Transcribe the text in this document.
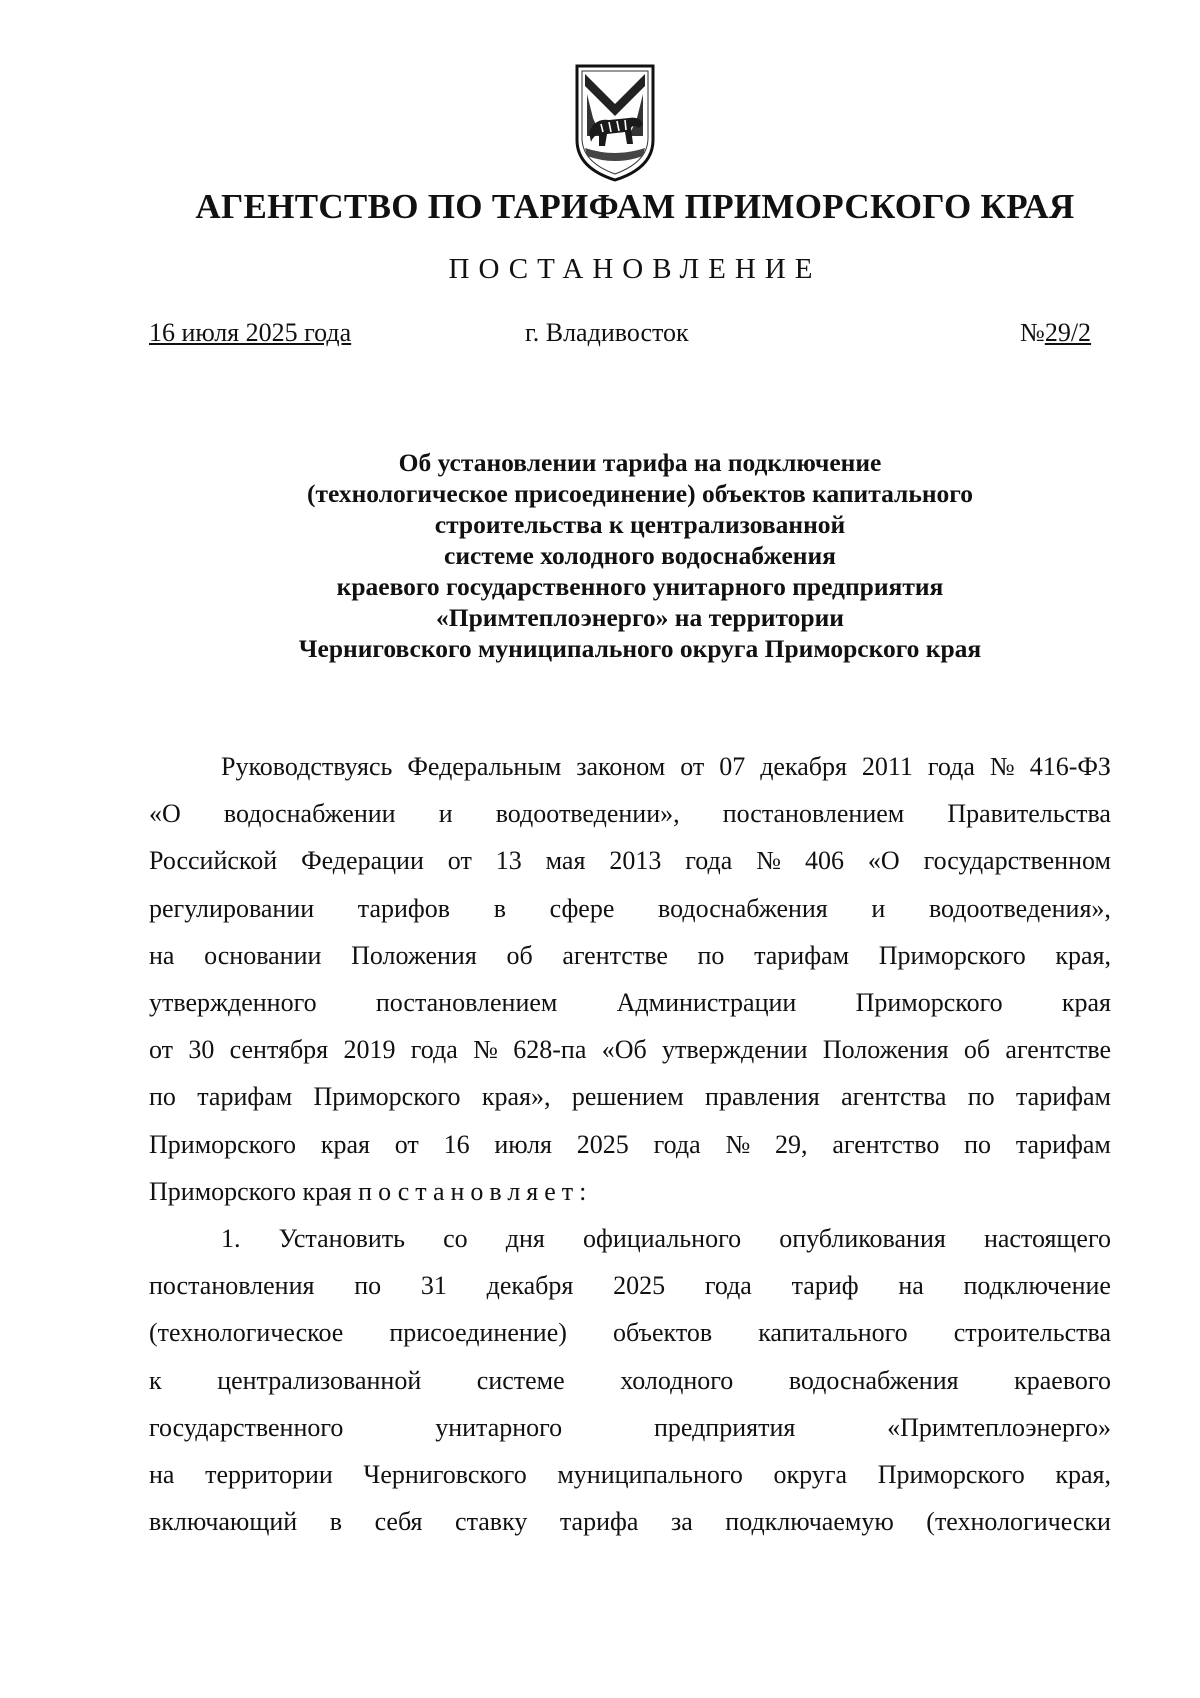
АГЕНТСТВО ПО ТАРИФАМ ПРИМОРСКОГО КРАЯ
ПОСТАНОВЛЕНИЕ
16 июля 2025 года	г. Владивосток	№29/2
Об установлении тарифа на подключение
(технологическое присоединение) объектов капитального
строительства к централизованной
системе холодного водоснабжения
краевого государственного унитарного предприятия
«Примтеплоэнерго» на территории
Черниговского муниципального округа Приморского края
Руководствуясь Федеральным законом от 07 декабря 2011 года № 416-ФЗ
«О водоснабжении и водоотведении», постановлением Правительства
Российской Федерации от 13 мая 2013 года № 406 «О государственном
регулировании тарифов в сфере водоснабжения и водоотведения»,
на основании Положения об агентстве по тарифам Приморского края,
утвержденного постановлением Администрации Приморского края
от 30 сентября 2019 года № 628-па «Об утверждении Положения об агентстве
по тарифам Приморского края», решением правления агентства по тарифам
Приморского края от 16 июля 2025 года № 29, агентство по тарифам
Приморского края
постановляет:
1. Установить со дня официального опубликования настоящего
постановления по 31 декабря 2025 года тариф на подключение
(технологическое присоединение) объектов капитального строительства
к централизованной системе холодного водоснабжения краевого
государственного	унитарного	предприятия	«Примтеплоэнерго»
на территории Черниговского муниципального округа Приморского края,
включающий в себя ставку тарифа за подключаемую (технологически
